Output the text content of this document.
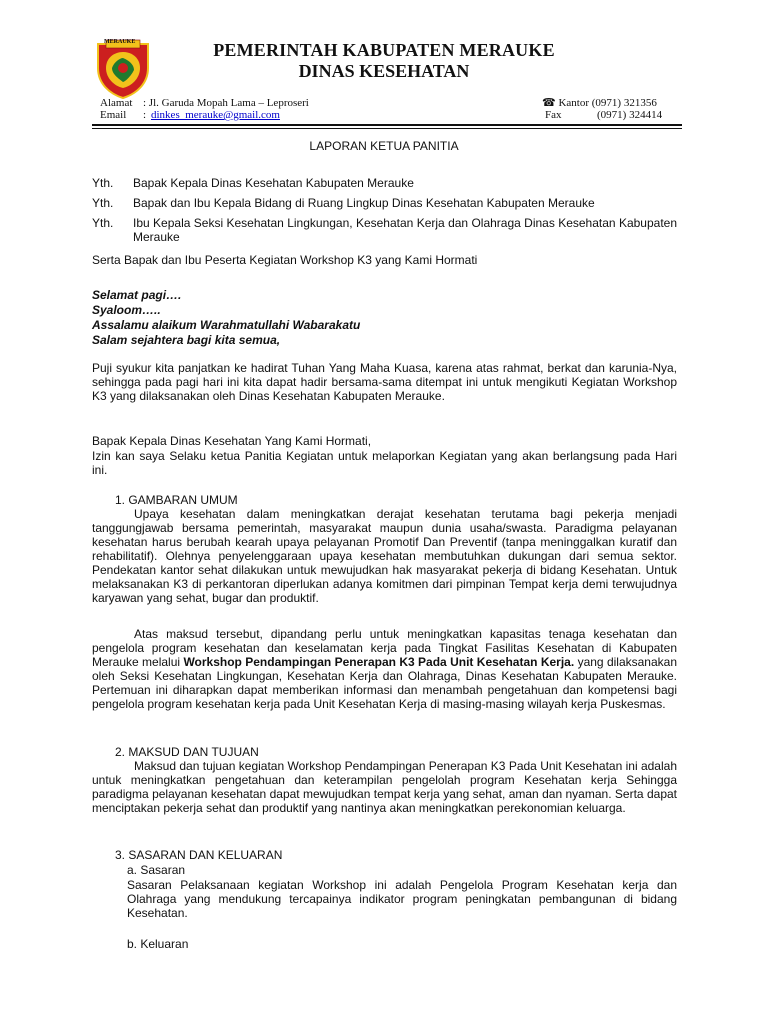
MERAUKE	PEMERINTAH KABUPATEN MERAUKE
DINAS KESEHATAN
Alamat : Jl. Garuda Mopah Lama – Leproseri
Email : dinkes_merauke@gmail.com
☎ Kantor (0971) 321356
Fax	(0971) 324414
LAPORAN KETUA PANITIA
Yth. Bapak Kepala Dinas Kesehatan Kabupaten Merauke
Yth. Bapak dan Ibu Kepala Bidang di Ruang Lingkup Dinas Kesehatan Kabupaten Merauke
Yth. Ibu Kepala Seksi Kesehatan Lingkungan, Kesehatan Kerja dan Olahraga Dinas Kesehatan Kabupaten Merauke
Serta Bapak dan Ibu Peserta Kegiatan Workshop K3 yang Kami Hormati
Selamat pagi….
Syaloom…..
Assalamu alaikum Warahmatullahi Wabarakatu
Salam sejahtera bagi kita semua,
Puji syukur kita panjatkan ke hadirat Tuhan Yang Maha Kuasa, karena atas rahmat, berkat dan karunia-Nya, sehingga pada pagi hari ini kita dapat hadir bersama-sama ditempat ini untuk mengikuti Kegiatan Workshop K3 yang dilaksanakan oleh Dinas Kesehatan Kabupaten Merauke.
Bapak Kepala Dinas Kesehatan Yang Kami Hormati,
Izin kan saya Selaku ketua Panitia Kegiatan untuk melaporkan Kegiatan yang akan berlangsung pada Hari ini.
1. GAMBARAN UMUM
Upaya kesehatan dalam meningkatkan derajat kesehatan terutama bagi pekerja menjadi tanggungjawab bersama pemerintah, masyarakat maupun dunia usaha/swasta. Paradigma pelayanan kesehatan harus berubah kearah upaya pelayanan Promotif Dan Preventif (tanpa meninggalkan kuratif dan rehabilitatif). Olehnya penyelenggaraan upaya kesehatan membutuhkan dukungan dari semua sektor. Pendekatan kantor sehat dilakukan untuk mewujudkan hak masyarakat pekerja di bidang Kesehatan. Untuk melaksanakan K3 di perkantoran diperlukan adanya komitmen dari pimpinan Tempat kerja demi terwujudnya karyawan yang sehat, bugar dan produktif.
Atas maksud tersebut, dipandang perlu untuk meningkatkan kapasitas tenaga kesehatan dan pengelola program kesehatan dan keselamatan kerja pada Tingkat Fasilitas Kesehatan di Kabupaten Merauke melalui Workshop Pendampingan Penerapan K3 Pada Unit Kesehatan Kerja. yang dilaksanakan oleh Seksi Kesehatan Lingkungan, Kesehatan Kerja dan Olahraga, Dinas Kesehatan Kabupaten Merauke. Pertemuan ini diharapkan dapat memberikan informasi dan menambah pengetahuan dan kompetensi bagi pengelola program kesehatan kerja pada Unit Kesehatan Kerja di masing-masing wilayah kerja Puskesmas.
2. MAKSUD DAN TUJUAN
Maksud dan tujuan kegiatan Workshop Pendampingan Penerapan K3 Pada Unit Kesehatan ini adalah untuk meningkatkan pengetahuan dan keterampilan pengelolah program Kesehatan kerja Sehingga paradigma pelayanan kesehatan dapat mewujudkan tempat kerja yang sehat, aman dan nyaman. Serta dapat menciptakan pekerja sehat dan produktif yang nantinya akan meningkatkan perekonomian keluarga.
3. SASARAN DAN KELUARAN
a. Sasaran
Sasaran Pelaksanaan kegiatan Workshop ini adalah Pengelola Program Kesehatan kerja dan Olahraga yang mendukung tercapainya indikator program peningkatan pembangunan di bidang Kesehatan.
b. Keluaran
